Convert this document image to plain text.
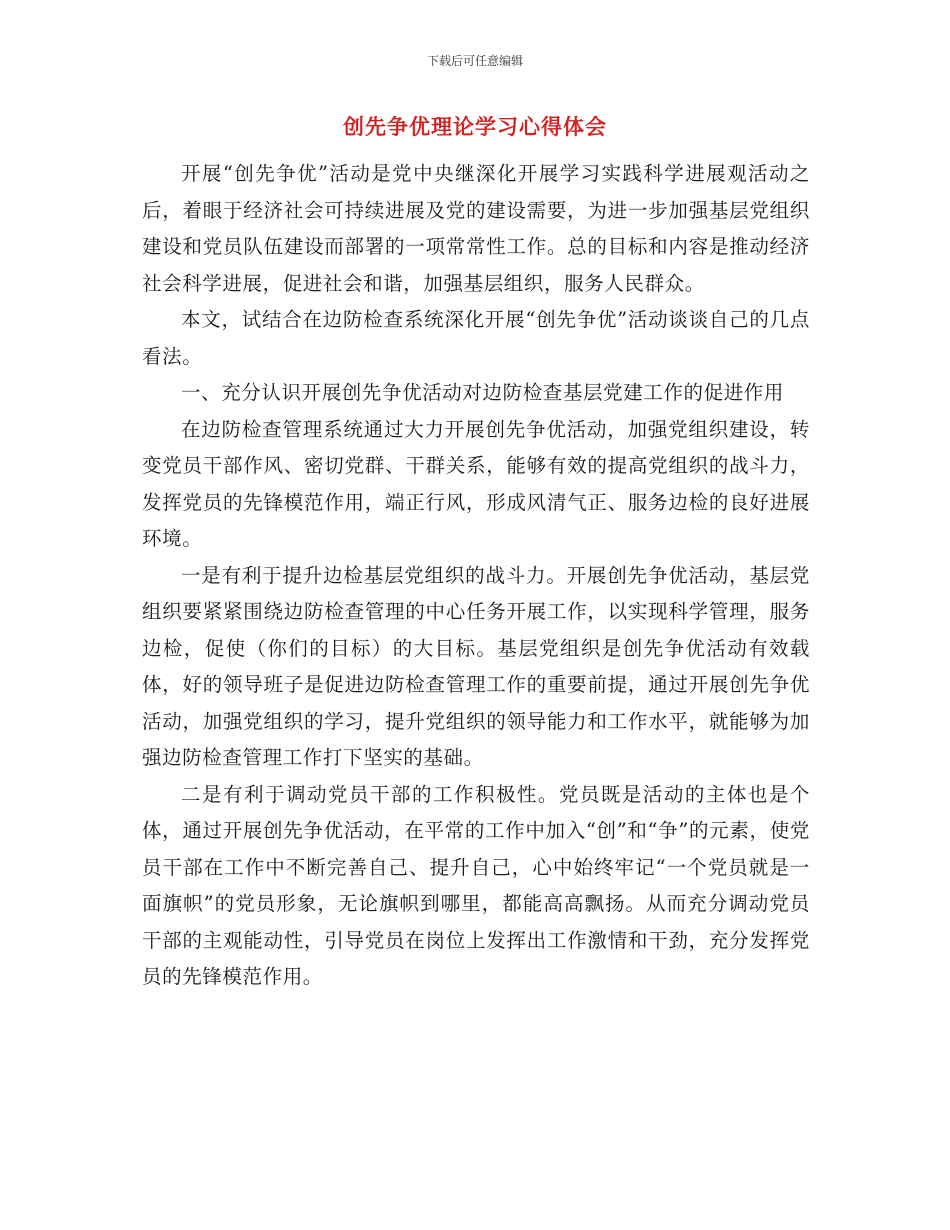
下载后可任意编辑
创先争优理论学习心得体会

开展“创先争优”活动是党中央继深化开展学习实践科学进展观活动之后，着眼于经济社会可持续进展及党的建设需要，为进一步加强基层党组织建设和党员队伍建设而部署的一项常常性工作。总的目标和内容是推动经济社会科学进展，促进社会和谐，加强基层组织，服务人民群众。

本文，试结合在边防检查系统深化开展“创先争优”活动谈谈自己的几点看法。

一、充分认识开展创先争优活动对边防检查基层党建工作的促进作用

在边防检查管理系统通过大力开展创先争优活动，加强党组织建设，转变党员干部作风、密切党群、干群关系，能够有效的提高党组织的战斗力，发挥党员的先锋模范作用，端正行风，形成风清气正、服务边检的良好进展环境。

一是有利于提升边检基层党组织的战斗力。开展创先争优活动，基层党组织要紧紧围绕边防检查管理的中心任务开展工作，以实现科学管理，服务边检，促使（你们的目标）的大目标。基层党组织是创先争优活动有效载体，好的领导班子是促进边防检查管理工作的重要前提，通过开展创先争优活动，加强党组织的学习，提升党组织的领导能力和工作水平，就能够为加强边防检查管理工作打下坚实的基础。

二是有利于调动党员干部的工作积极性。党员既是活动的主体也是个体，通过开展创先争优活动，在平常的工作中加入“创”和“争”的元素，使党员干部在工作中不断完善自己、提升自己，心中始终牢记“一个党员就是一面旗帜”的党员形象，无论旗帜到哪里，都能高高飘扬。从而充分调动党员干部的主观能动性，引导党员在岗位上发挥出工作激情和干劲，充分发挥党员的先锋模范作用。
